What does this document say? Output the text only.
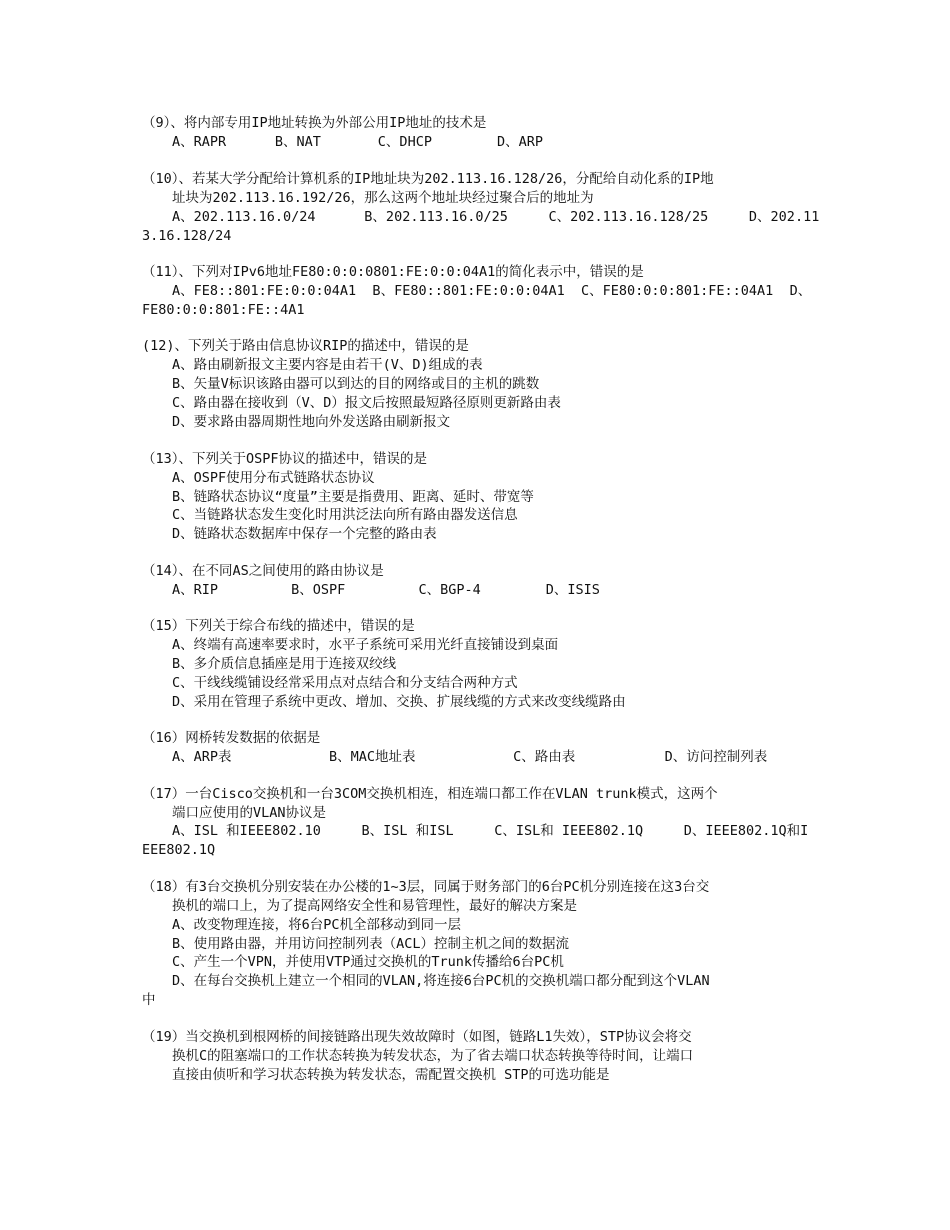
（9）、将内部专用IP地址转换为外部公用IP地址的技术是
A、RAPR      B、NAT       C、DHCP        D、ARP
（10）、若某大学分配给计算机系的IP地址块为202.113.16.128/26，分配给自动化系的IP地
址块为202.113.16.192/26，那么这两个地址块经过聚合后的地址为
A、202.113.16.0/24      B、202.113.16.0/25     C、202.113.16.128/25     D、202.11
3.16.128/24
（11）、下列对IPv6地址FE80:0:0:0801:FE:0:0:04A1的简化表示中，错误的是
A、FE8::801:FE:0:0:04A1  B、FE80::801:FE:0:0:04A1  C、FE80:0:0:801:FE::04A1  D、
FE80:0:0:801:FE::4A1
(12)、下列关于路由信息协议RIP的描述中，错误的是
A、路由刷新报文主要内容是由若干(V、D)组成的表
B、矢量V标识该路由器可以到达的目的网络或目的主机的跳数
C、路由器在接收到（V、D）报文后按照最短路径原则更新路由表
D、要求路由器周期性地向外发送路由刷新报文
（13）、下列关于OSPF协议的描述中，错误的是
A、OSPF使用分布式链路状态协议
B、链路状态协议“度量”主要是指费用、距离、延时、带宽等
C、当链路状态发生变化时用洪泛法向所有路由器发送信息
D、链路状态数据库中保存一个完整的路由表
（14）、在不同AS之间使用的路由协议是
A、RIP         B、OSPF         C、BGP-4        D、ISIS
（15）下列关于综合布线的描述中，错误的是
A、终端有高速率要求时，水平子系统可采用光纤直接铺设到桌面
B、多介质信息插座是用于连接双绞线
C、干线线缆铺设经常采用点对点结合和分支结合两种方式
D、采用在管理子系统中更改、增加、交换、扩展线缆的方式来改变线缆路由
（16）网桥转发数据的依据是
A、ARP表            B、MAC地址表            C、路由表           D、访问控制列表
（17）一台Cisco交换机和一台3COM交换机相连，相连端口都工作在VLAN trunk模式，这两个
端口应使用的VLAN协议是
A、ISL 和IEEE802.10     B、ISL 和ISL     C、ISL和 IEEE802.1Q     D、IEEE802.1Q和I
EEE802.1Q
（18）有3台交换机分别安装在办公楼的1~3层，同属于财务部门的6台PC机分别连接在这3台交
换机的端口上，为了提高网络安全性和易管理性，最好的解决方案是
A、改变物理连接，将6台PC机全部移动到同一层
B、使用路由器，并用访问控制列表（ACL）控制主机之间的数据流
C、产生一个VPN，并使用VTP通过交换机的Trunk传播给6台PC机
D、在每台交换机上建立一个相同的VLAN,将连接6台PC机的交换机端口都分配到这个VLAN
中
（19）当交换机到根网桥的间接链路出现失效故障时（如图，链路L1失效），STP协议会将交
换机C的阻塞端口的工作状态转换为转发状态，为了省去端口状态转换等待时间，让端口
直接由侦听和学习状态转换为转发状态，需配置交换机 STP的可选功能是
